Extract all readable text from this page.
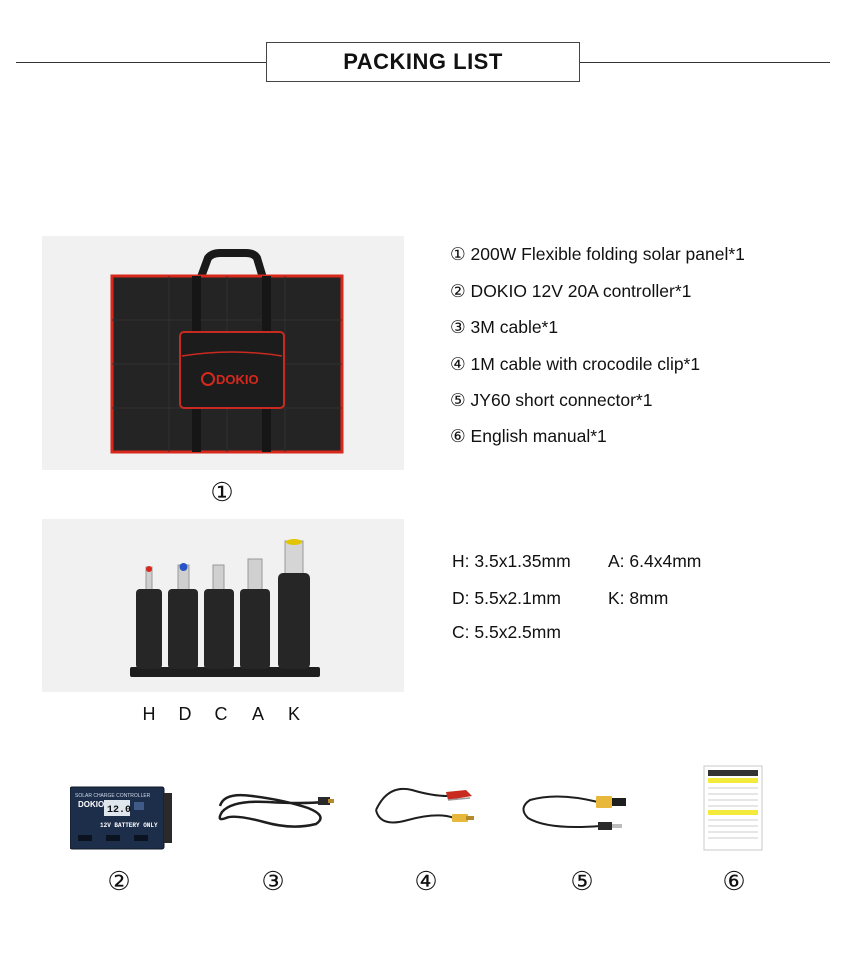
PACKING LIST
DOKIO
①
① 200W Flexible folding solar panel*1
② DOKIO 12V 20A controller*1
③ 3M cable*1
④ 1M cable with crocodile clip*1
⑤ JY60 short connector*1
⑥ English manual*1
H D C A K
H: 3.5x1.35mm A: 6.4x4mm
D: 5.5x2.1mm	K: 8mm
C: 5.5x2.5mm
SOLAR CHARGE CONTROLLER
DOKIO
12.0
12V BATTERY ONLY
②	③	④	⑤	⑥
